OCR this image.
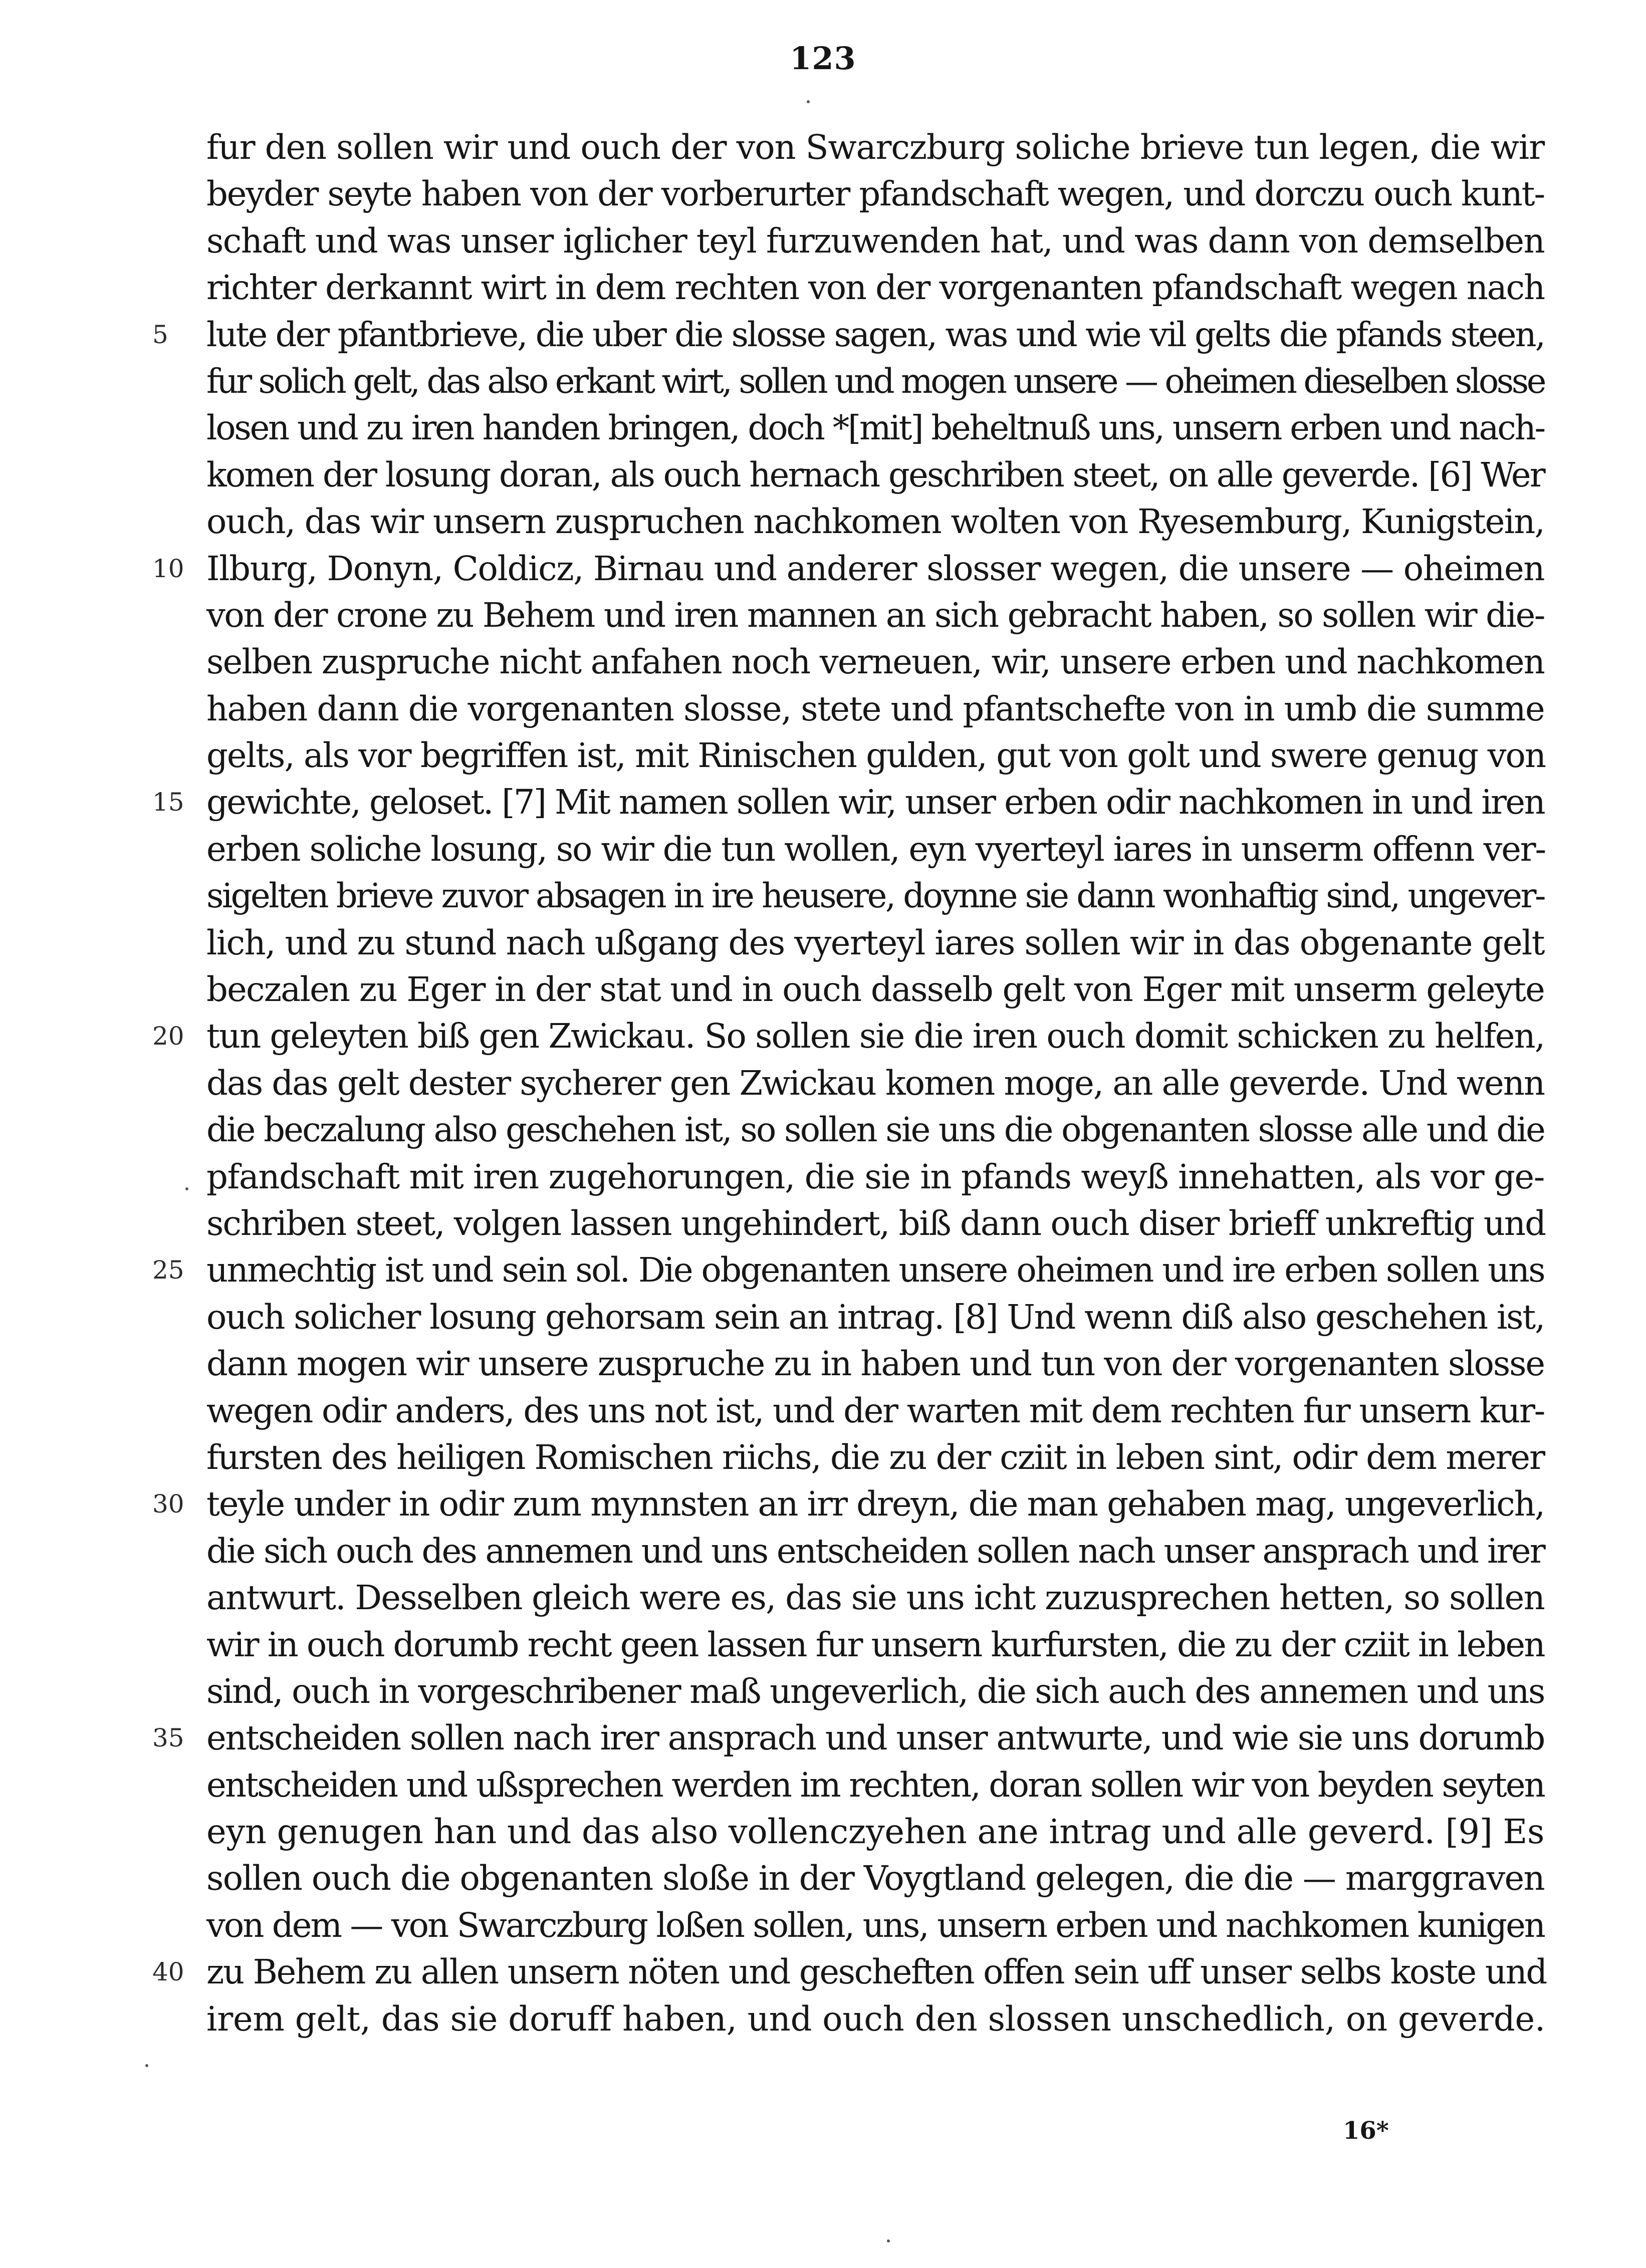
123
fur den sollen wir und ouch der von Swarczburg soliche brieve tun legen, die wir
beyder seyte haben von der vorberurter pfandschaft wegen, und dorczu ouch kunt-
schaft und was unser iglicher teyl furzuwenden hat, und was dann von demselben
richter derkannt wirt in dem rechten von der vorgenanten pfandschaft wegen nach
5	lute der pfantbrieve, die uber die slosse sagen, was und wie vil gelts die pfands steen,
fur solich gelt, das also erkant wirt, sollen und mogen unsere — oheimen dieselben slosse
losen und zu iren handen bringen, doch *[mit] beheltnuß uns, unsern erben und nach-
komen der losung doran, als ouch hernach geschriben steet, on alle geverde. [6] Wer
ouch, das wir unsern zuspruchen nachkomen wolten von Ryesemburg, Kunigstein,
10 Ilburg, Donyn, Coldicz, Birnau und anderer slosser wegen, die unsere — oheimen
von der crone zu Behem und iren mannen an sich gebracht haben, so sollen wir die-
selben zuspruche nicht anfahen noch verneuen, wir, unsere erben und nachkomen
haben dann die vorgenanten slosse, stete und pfantschefte von in umb die summe
gelts, als vor begriffen ist, mit Rinischen gulden, gut von golt und swere genug von
15 gewichte, geloset. [7] Mit namen sollen wir, unser erben odir nachkomen in und iren
erben soliche losung, so wir die tun wollen, eyn vyerteyl iares in unserm offenn ver-
sigelten brieve zuvor absagen in ire heusere, doynne sie dann wonhaftig sind, ungever-
lich, und zu stund nach ußgang des vyerteyl iares sollen wir in das obgenante gelt
beczalen zu Eger in der stat und in ouch dasselb gelt von Eger mit unserm geleyte
20 tun geleyten biß gen Zwickau. So sollen sie die iren ouch domit schicken zu helfen,
das das gelt dester sycherer gen Zwickau komen moge, an alle geverde. Und wenn
die beczalung also geschehen ist, so sollen sie uns die obgenanten slosse alle und die
pfandschaft mit iren zugehorungen, die sie in pfands weyß innehatten, als vor ge-
schriben steet, volgen lassen ungehindert, biß dann ouch diser brieff unkreftig und
25 unmechtig ist und sein sol. Die obgenanten unsere oheimen und ire erben sollen uns
ouch solicher losung gehorsam sein an intrag. [8] Und wenn diß also geschehen ist,
dann mogen wir unsere zuspruche zu in haben und tun von der vorgenanten slosse
wegen odir anders, des uns not ist, und der warten mit dem rechten fur unsern kur-
fursten des heiligen Romischen riichs, die zu der cziit in leben sint, odir dem merer
30 teyle under in odir zum mynnsten an irr dreyn, die man gehaben mag, ungeverlich,
die sich ouch des annemen und uns entscheiden sollen nach unser ansprach und irer
antwurt. Desselben gleich were es, das sie uns icht zuzusprechen hetten, so sollen
wir in ouch dorumb recht geen lassen fur unsern kurfursten, die zu der cziit in leben
sind, ouch in vorgeschribener maß ungeverlich, die sich auch des annemen und uns
35 entscheiden sollen nach irer ansprach und unser antwurte, und wie sie uns dorumb
entscheiden und ußsprechen werden im rechten, doran sollen wir von beyden seyten
eyn genugen han und das also vollenczyehen ane intrag und alle geverd. [9] Es
sollen ouch die obgenanten sloße in der Voygtland gelegen, die die — marggraven
von dem — von Swarczburg loßen sollen, uns, unsern erben und nachkomen kunigen
40 zu Behem zu allen unsern nöten und gescheften offen sein uff unser selbs koste und
irem gelt, das sie doruff haben, und ouch den slossen unschedlich, on geverde.
16*
